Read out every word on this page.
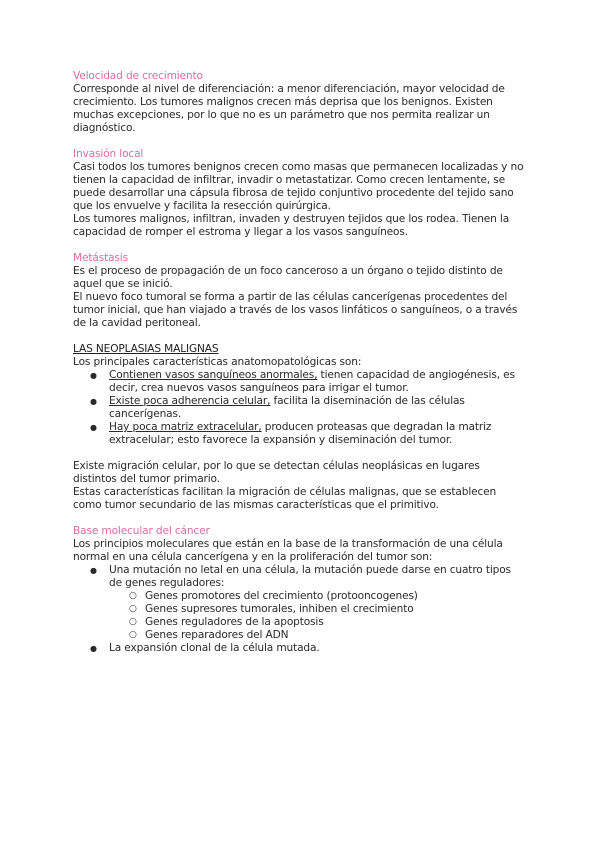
Velocidad de crecimiento

Corresponde al nivel de diferenciación: a menor diferenciación, mayor velocidad de crecimiento. Los tumores malignos crecen más deprisa que los benignos. Existen muchas excepciones, por lo que no es un parámetro que nos permita realizar un diagnóstico.

Invasión local

Casi todos los tumores benignos crecen como masas que permanecen localizadas y no tienen la capacidad de infiltrar, invadir o metastatizar. Como crecen lentamente, se puede desarrollar una cápsula fibrosa de tejido conjuntivo procedente del tejido sano que los envuelve y facilita la resección quirúrgica.

Los tumores malignos, infiltran, invaden y destruyen tejidos que los rodea. Tienen la capacidad de romper el estroma y llegar a los vasos sanguíneos.

Metástasis

Es el proceso de propagación de un foco canceroso a un órgano o tejido distinto de aquel que se inició.

El nuevo foco tumoral se forma a partir de las células cancerígenas procedentes del tumor inicial, que han viajado a través de los vasos linfáticos o sanguíneos, o a través de la cavidad peritoneal.

LAS NEOPLASIAS MALIGNAS

Los principales características anatomopatológicas son:

● Contienen vasos sanguíneos anormales, tienen capacidad de angiogénesis, es decir, crea nuevos vasos sanguíneos para irrigar el tumor.
● Existe poca adherencia celular, facilita la diseminación de las células cancerígenas.
● Hay poca matriz extracelular, producen proteasas que degradan la matriz extracelular; esto favorece la expansión y diseminación del tumor.

Existe migración celular, por lo que se detectan células neoplásicas en lugares distintos del tumor primario.

Estas características facilitan la migración de células malignas, que se establecen como tumor secundario de las mismas características que el primitivo.

Base molecular del cáncer

Los principios moleculares que están en la base de la transformación de una célula normal en una célula cancerígena y en la proliferación del tumor son:

● Una mutación no letal en una célula, la mutación puede darse en cuatro tipos de genes reguladores:
○ Genes promotores del crecimiento (protooncogenes)
○ Genes supresores tumorales, inhiben el crecimiento
○ Genes reguladores de la apoptosis
○ Genes reparadores del ADN
● La expansión clonal de la célula mutada.
